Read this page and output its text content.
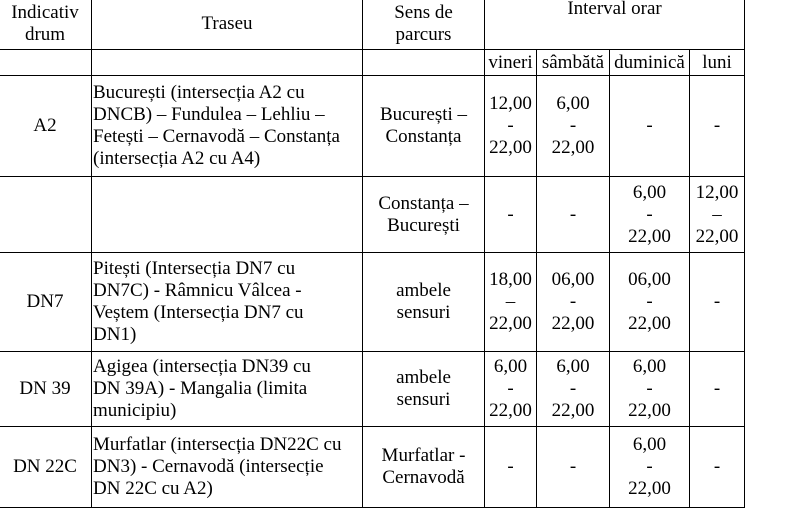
Indicativ
drum	Traseu	Sens de
parcurs	Interval orar			
			vineri	sâmbătă	duminică	luni
A2	București (intersecția A2 cu
DNCB) – Fundulea – Lehliu –
Fetești – Cernavodă – Constanța
(intersecția A2 cu A4)	București –
Constanța	12,00
-
22,00	6,00
-
22,00	-	-
		Constanța –
București	-	-	6,00
-
22,00	12,00
–
22,00
DN7	Pitești (Intersecția DN7 cu
DN7C) - Râmnicu Vâlcea -
Veștem (Intersecția DN7 cu
DN1)	ambele
sensuri	18,00
–
22,00	06,00
-
22,00	06,00
-
22,00	-
DN 39	Agigea (intersecția DN39 cu
DN 39A) - Mangalia (limita
municipiu)	ambele
sensuri	6,00
-
22,00	6,00
-
22,00	6,00
-
22,00	-
DN 22C	Murfatlar (intersecția DN22C cu
DN3) - Cernavodă (intersecție
DN 22C cu A2)	Murfatlar -
Cernavodă	-	-	6,00
-
22,00	-
